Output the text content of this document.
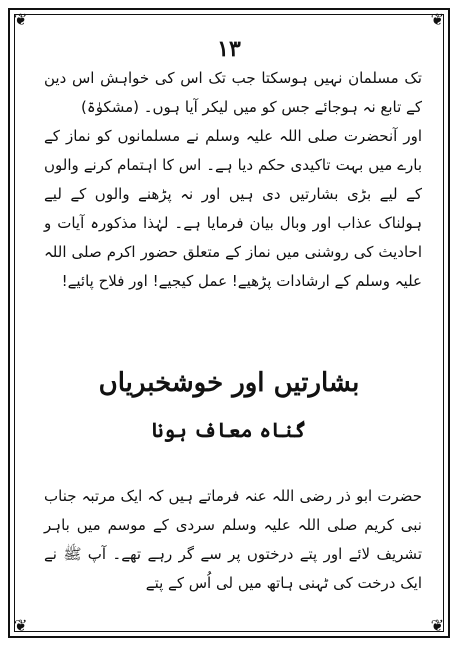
❦	❦
❦	❦
۱۳

تک مسلمان نہیں ہوسکتا جب تک اس کی خواہش اس دین کے تابع نہ ہوجائے جس کو میں لیکر آیا ہوں۔ (مشکوٰۃ)

اور آنحضرت صلی اللہ علیہ وسلم نے مسلمانوں کو نماز کے بارے میں بہت تاکیدی حکم دیا ہے۔ اس کا اہتمام کرنے والوں کے لیے بڑی بشارتیں دی ہیں اور نہ پڑھنے والوں کے لیے ہولناک عذاب اور وبال بیان فرمایا ہے۔ لہٰذا مذکورہ آیات و احادیث کی روشنی میں نماز کے متعلق حضور اکرم صلی اللہ علیہ وسلم کے ارشادات پڑھیے! عمل کیجیے! اور فلاح پائیے!

بشارتیں اور خوشخبریاں
گناہ معاف ہونا

حضرت ابو ذر رضی اللہ عنہ فرماتے ہیں کہ ایک مرتبہ جناب نبی کریم صلی اللہ علیہ وسلم سردی کے موسم میں باہر تشریف لائے اور پتے درختوں پر سے گر رہے تھے۔ آپ ﷺ نے ایک درخت کی ٹہنی ہاتھ میں لی اُس کے پتے
